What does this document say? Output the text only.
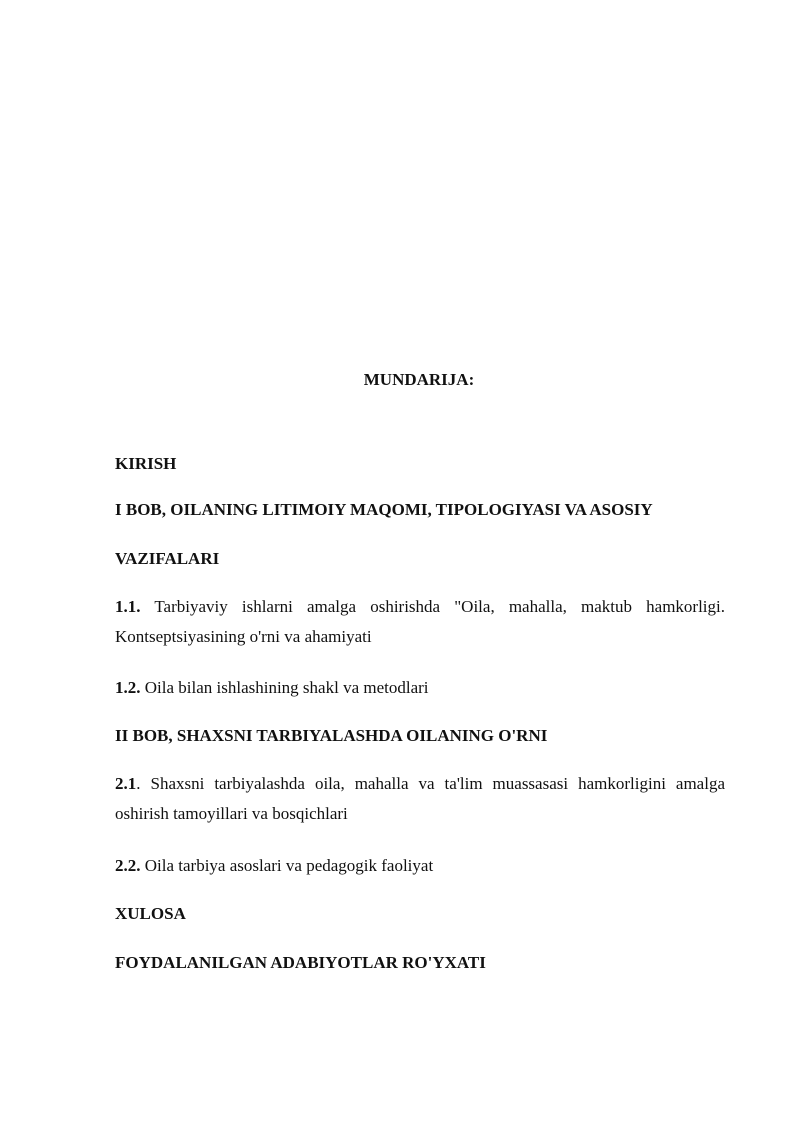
MUNDARIJA:
KIRISH
I BOB, OILANING LITIMOIY MAQOMI, TIPOLOGIYASI VA ASOSIY
VAZIFALARI
1.1. Tarbiyaviy ishlarni amalga oshirishda "Oila, mahalla, maktub hamkorligi. Kontseptsiyasining o'rni va ahamiyati
1.2. Oila bilan ishlashining shakl va metodlari
II BOB, SHAXSNI TARBIYALASHDA OILANING O'RNI
2.1. Shaxsni tarbiyalashda oila, mahalla va ta'lim muassasasi hamkorligini amalga oshirish tamoyillari va bosqichlari
2.2. Oila tarbiya asoslarі va pedagogik faoliyat
XULOSA
FOYDALANILGAN ADABIYOTLAR RO'YXATI
